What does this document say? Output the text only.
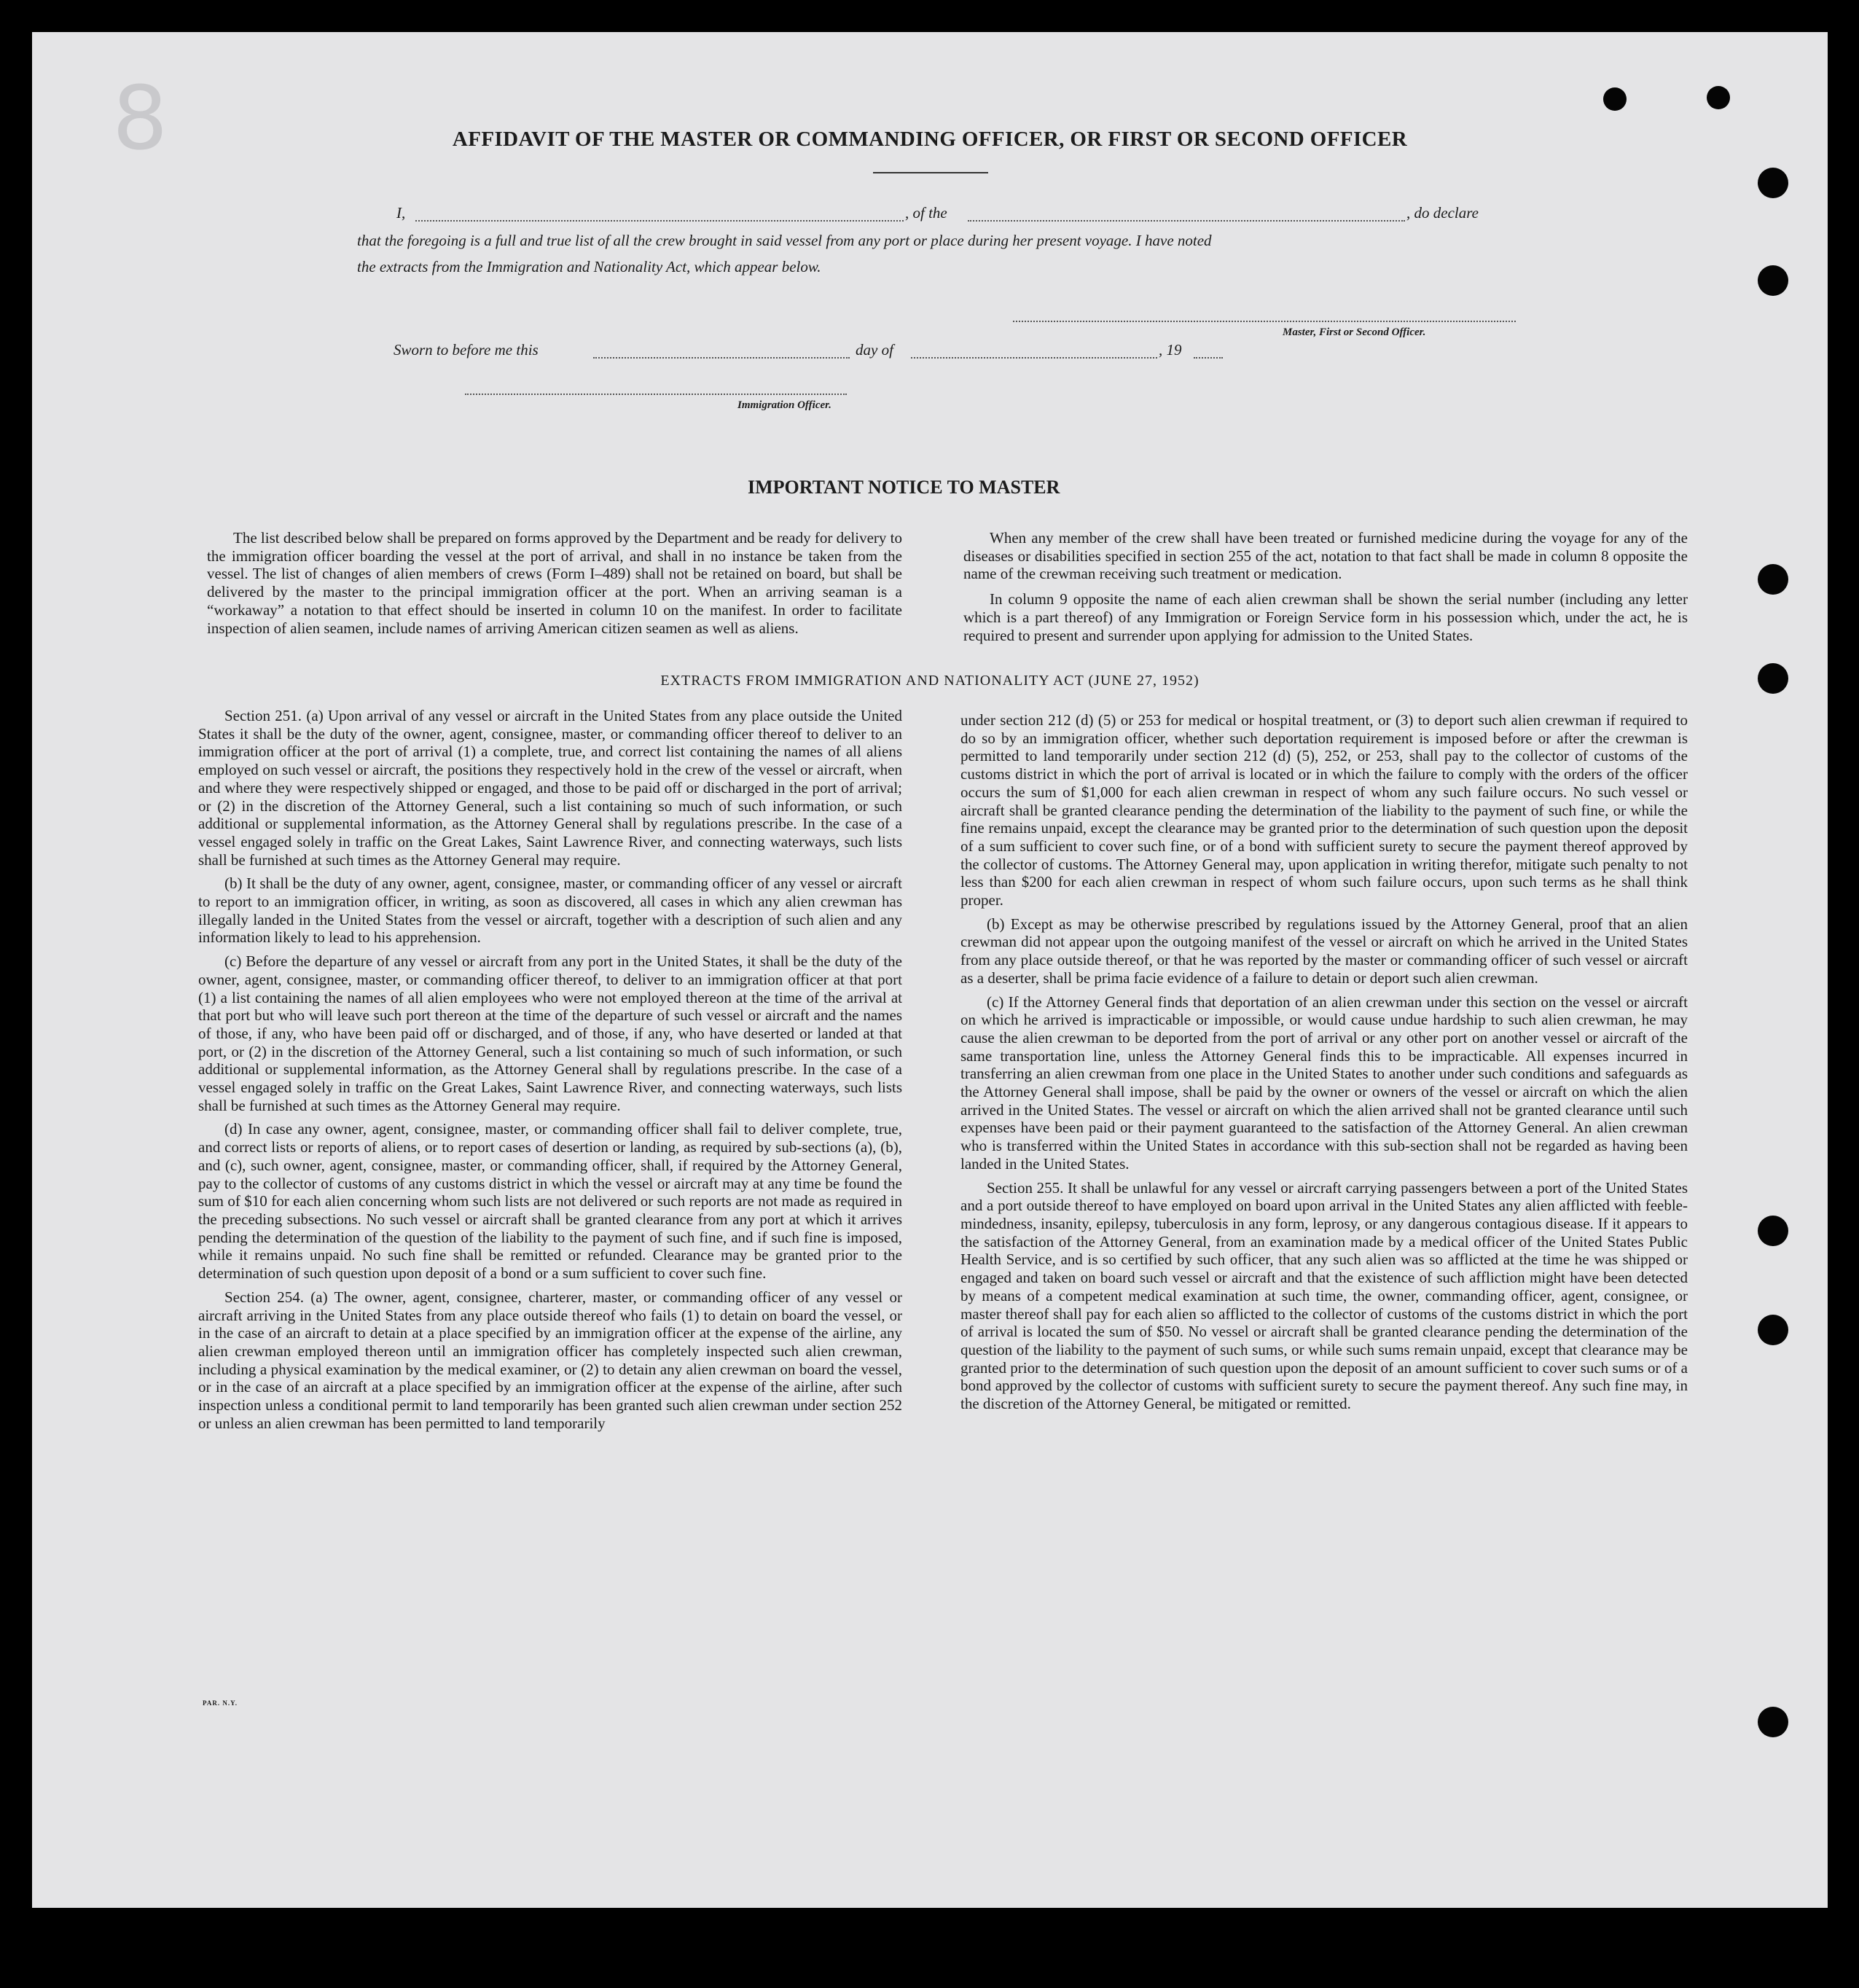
8	AFFIDAVIT OF THE MASTER OR COMMANDING OFFICER, OR FIRST OR SECOND OFFICER
I,	, of the	, do declare
that the foregoing is a full and true list of all the crew brought in said vessel from any port or place during her present voyage. I have noted
the extracts from the Immigration and Nationality Act, which appear below.
Master, First or Second Officer.
Sworn to before me this	day of	, 19
Immigration Officer.
IMPORTANT NOTICE TO MASTER

The list described below shall be prepared on forms approved by the Department and be ready for delivery to the immigration officer boarding the vessel at the port of arrival, and shall in no instance be taken from the vessel. The list of changes of alien members of crews (Form I–489) shall not be retained on board, but shall be delivered by the master to the principal immigration officer at the port. When an arriving seaman is a “workaway” a notation to that effect should be inserted in column 10 on the manifest. In order to facilitate inspection of alien seamen, include names of arriving American citizen seamen as well as aliens.

When any member of the crew shall have been treated or furnished medicine during the voyage for any of the diseases or disabilities specified in section 255 of the act, notation to that fact shall be made in column 8 opposite the name of the crewman receiving such treatment or medication.

In column 9 opposite the name of each alien crewman shall be shown the serial number (including any letter which is a part thereof) of any Immigration or Foreign Service form in his possession which, under the act, he is required to present and surrender upon applying for admission to the United States.

EXTRACTS FROM IMMIGRATION AND NATIONALITY ACT (JUNE 27, 1952)

Section 251. (a) Upon arrival of any vessel or aircraft in the United States from any place outside the United States it shall be the duty of the owner, agent, consignee, master, or commanding officer thereof to deliver to an immigration officer at the port of arrival (1) a complete, true, and correct list containing the names of all aliens employed on such vessel or aircraft, the positions they respectively hold in the crew of the vessel or aircraft, when and where they were respectively shipped or engaged, and those to be paid off or discharged in the port of arrival; or (2) in the discretion of the Attorney General, such a list containing so much of such information, or such additional or supplemental information, as the Attorney General shall by regulations prescribe. In the case of a vessel engaged solely in traffic on the Great Lakes, Saint Lawrence River, and connecting waterways, such lists shall be furnished at such times as the Attorney General may require.

(b) It shall be the duty of any owner, agent, consignee, master, or commanding officer of any vessel or aircraft to report to an immigration officer, in writing, as soon as discovered, all cases in which any alien crewman has illegally landed in the United States from the vessel or aircraft, together with a description of such alien and any information likely to lead to his apprehension.

(c) Before the departure of any vessel or aircraft from any port in the United States, it shall be the duty of the owner, agent, consignee, master, or commanding officer thereof, to deliver to an immigration officer at that port (1) a list containing the names of all alien employees who were not employed thereon at the time of the arrival at that port but who will leave such port thereon at the time of the departure of such vessel or aircraft and the names of those, if any, who have been paid off or discharged, and of those, if any, who have deserted or landed at that port, or (2) in the discretion of the Attorney General, such a list containing so much of such information, or such additional or supplemental information, as the Attorney General shall by regulations prescribe. In the case of a vessel engaged solely in traffic on the Great Lakes, Saint Lawrence River, and connecting waterways, such lists shall be furnished at such times as the Attorney General may require.

(d) In case any owner, agent, consignee, master, or commanding officer shall fail to deliver complete, true, and correct lists or reports of aliens, or to report cases of desertion or landing, as required by sub-sections (a), (b), and (c), such owner, agent, consignee, master, or commanding officer, shall, if required by the Attorney General, pay to the collector of customs of any customs district in which the vessel or aircraft may at any time be found the sum of $10 for each alien concerning whom such lists are not delivered or such reports are not made as required in the preceding subsections. No such vessel or aircraft shall be granted clearance from any port at which it arrives pending the determination of the question of the liability to the payment of such fine, and if such fine is imposed, while it remains unpaid. No such fine shall be remitted or refunded. Clearance may be granted prior to the determination of such question upon deposit of a bond or a sum sufficient to cover such fine.

Section 254. (a) The owner, agent, consignee, charterer, master, or commanding officer of any vessel or aircraft arriving in the United States from any place outside thereof who fails (1) to detain on board the vessel, or in the case of an aircraft to detain at a place specified by an immigration officer at the expense of the airline, any alien crewman employed thereon until an immigration officer has completely inspected such alien crewman, including a physical examination by the medical examiner, or (2) to detain any alien crewman on board the vessel, or in the case of an aircraft at a place specified by an immigration officer at the expense of the airline, after such inspection unless a conditional permit to land temporarily has been granted such alien crewman under section 252 or unless an alien crewman has been permitted to land temporarily

under section 212 (d) (5) or 253 for medical or hospital treatment, or (3) to deport such alien crewman if required to do so by an immigration officer, whether such deportation requirement is imposed before or after the crewman is permitted to land temporarily under section 212 (d) (5), 252, or 253, shall pay to the collector of customs of the customs district in which the port of arrival is located or in which the failure to comply with the orders of the officer occurs the sum of $1,000 for each alien crewman in respect of whom any such failure occurs. No such vessel or aircraft shall be granted clearance pending the determination of the liability to the payment of such fine, or while the fine remains unpaid, except the clearance may be granted prior to the determination of such question upon the deposit of a sum sufficient to cover such fine, or of a bond with sufficient surety to secure the payment thereof approved by the collector of customs. The Attorney General may, upon application in writing therefor, mitigate such penalty to not less than $200 for each alien crewman in respect of whom such failure occurs, upon such terms as he shall think proper.

(b) Except as may be otherwise prescribed by regulations issued by the Attorney General, proof that an alien crewman did not appear upon the outgoing manifest of the vessel or aircraft on which he arrived in the United States from any place outside thereof, or that he was reported by the master or commanding officer of such vessel or aircraft as a deserter, shall be prima facie evidence of a failure to detain or deport such alien crewman.

(c) If the Attorney General finds that deportation of an alien crewman under this section on the vessel or aircraft on which he arrived is impracticable or impossible, or would cause undue hardship to such alien crewman, he may cause the alien crewman to be deported from the port of arrival or any other port on another vessel or aircraft of the same transportation line, unless the Attorney General finds this to be impracticable. All expenses incurred in transferring an alien crewman from one place in the United States to another under such conditions and safeguards as the Attorney General shall impose, shall be paid by the owner or owners of the vessel or aircraft on which the alien arrived in the United States. The vessel or aircraft on which the alien arrived shall not be granted clearance until such expenses have been paid or their payment guaranteed to the satisfaction of the Attorney General. An alien crewman who is transferred within the United States in accordance with this sub-section shall not be regarded as having been landed in the United States.

Section 255. It shall be unlawful for any vessel or aircraft carrying passengers between a port of the United States and a port outside thereof to have employed on board upon arrival in the United States any alien afflicted with feeble-mindedness, insanity, epilepsy, tuberculosis in any form, leprosy, or any dangerous contagious disease. If it appears to the satisfaction of the Attorney General, from an examination made by a medical officer of the United States Public Health Service, and is so certified by such officer, that any such alien was so afflicted at the time he was shipped or engaged and taken on board such vessel or aircraft and that the existence of such affliction might have been detected by means of a competent medical examination at such time, the owner, commanding officer, agent, consignee, or master thereof shall pay for each alien so afflicted to the collector of customs of the customs district in which the port of arrival is located the sum of $50. No vessel or aircraft shall be granted clearance pending the determination of the question of the liability to the payment of such sums, or while such sums remain unpaid, except that clearance may be granted prior to the determination of such question upon the deposit of an amount sufficient to cover such sums or of a bond approved by the collector of customs with sufficient surety to secure the payment thereof. Any such fine may, in the discretion of the Attorney General, be mitigated or remitted.

PAR. N.Y.
